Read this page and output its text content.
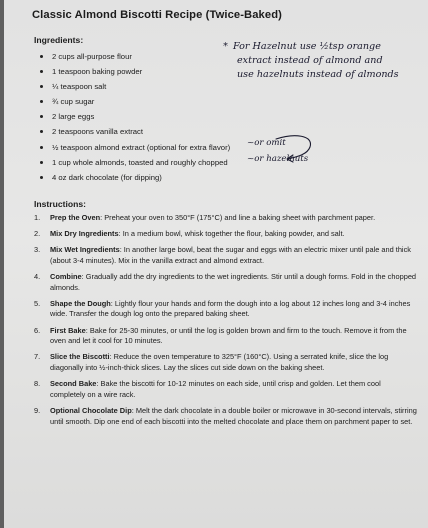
Classic Almond Biscotti Recipe (Twice-Baked)
Ingredients:
2 cups all-purpose flour
1 teaspoon baking powder
¼ teaspoon salt
¾ cup sugar
2 large eggs
2 teaspoons vanilla extract
½ teaspoon almond extract (optional for extra flavor)
1 cup whole almonds, toasted and roughly chopped
4 oz dark chocolate (for dipping)
Instructions:
1. Prep the Oven: Preheat your oven to 350°F (175°C) and line a baking sheet with parchment paper.
2. Mix Dry Ingredients: In a medium bowl, whisk together the flour, baking powder, and salt.
3. Mix Wet Ingredients: In another large bowl, beat the sugar and eggs with an electric mixer until pale and thick (about 3-4 minutes). Mix in the vanilla extract and almond extract.
4. Combine: Gradually add the dry ingredients to the wet ingredients. Stir until a dough forms. Fold in the chopped almonds.
5. Shape the Dough: Lightly flour your hands and form the dough into a log about 12 inches long and 3-4 inches wide. Transfer the dough log onto the prepared baking sheet.
6. First Bake: Bake for 25-30 minutes, or until the log is golden brown and firm to the touch. Remove it from the oven and let it cool for 10 minutes.
7. Slice the Biscotti: Reduce the oven temperature to 325°F (160°C). Using a serrated knife, slice the log diagonally into ½-inch-thick slices. Lay the slices cut side down on the baking sheet.
8. Second Bake: Bake the biscotti for 10-12 minutes on each side, until crisp and golden. Let them cool completely on a wire rack.
9. Optional Chocolate Dip: Melt the dark chocolate in a double boiler or microwave in 30-second intervals, stirring until smooth. Dip one end of each biscotti into the melted chocolate and place them on parchment paper to set.
* For Hazelnut use ½tsp orange
extract instead of almond and
use hazelnuts instead of almonds
~or omit
~or hazelnuts
